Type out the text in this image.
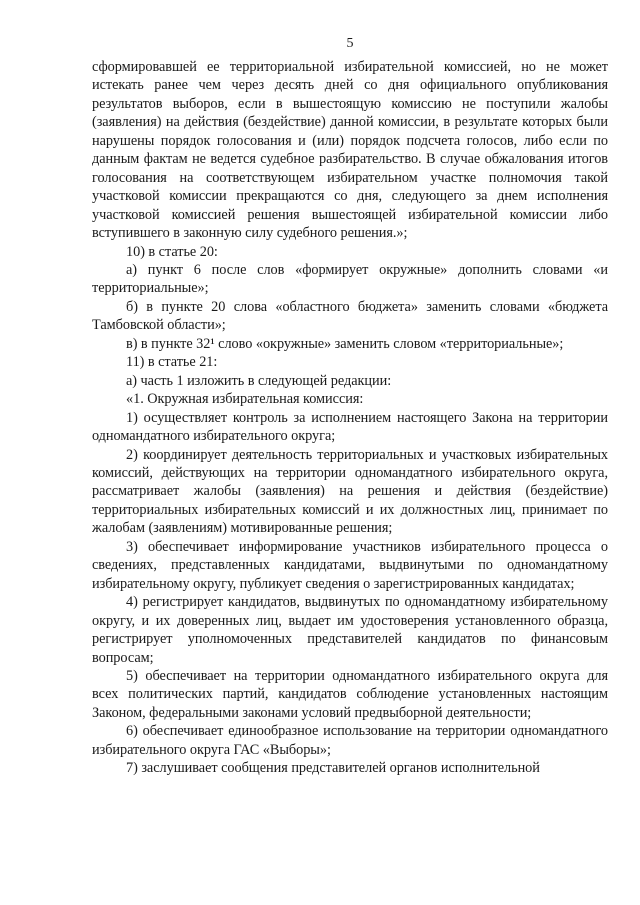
5

сформировавшей ее территориальной избирательной комиссией, но не может истекать ранее чем через десять дней со дня официального опубликования результатов выборов, если в вышестоящую комиссию не поступили жалобы (заявления) на действия (бездействие) данной комиссии, в результате которых были нарушены порядок голосования и (или) порядок подсчета голосов, либо если по данным фактам не ведется судебное разбирательство. В случае обжалования итогов голосования на соответствующем избирательном участке полномочия такой участковой комиссии прекращаются со дня, следующего за днем исполнения участковой комиссией решения вышестоящей избирательной комиссии либо вступившего в законную силу судебного решения.»;

10) в статье 20:

а) пункт 6 после слов «формирует окружные» дополнить словами «и территориальные»;

б) в пункте 20 слова «областного бюджета» заменить словами «бюджета Тамбовской области»;

в) в пункте 32¹ слово «окружные» заменить словом «территориальные»;

11) в статье 21:

а) часть 1 изложить в следующей редакции:

«1. Окружная избирательная комиссия:

1) осуществляет контроль за исполнением настоящего Закона на территории одномандатного избирательного округа;

2) координирует деятельность территориальных и участковых избирательных комиссий, действующих на территории одномандатного избирательного округа, рассматривает жалобы (заявления) на решения и действия (бездействие) территориальных избирательных комиссий и их должностных лиц, принимает по жалобам (заявлениям) мотивированные решения;

3) обеспечивает информирование участников избирательного процесса о сведениях, представленных кандидатами, выдвинутыми по одномандатному избирательному округу, публикует сведения о зарегистрированных кандидатах;

4) регистрирует кандидатов, выдвинутых по одномандатному избирательному округу, и их доверенных лиц, выдает им удостоверения установленного образца, регистрирует уполномоченных представителей кандидатов по финансовым вопросам;

5) обеспечивает на территории одномандатного избирательного округа для всех политических партий, кандидатов соблюдение установленных настоящим Законом, федеральными законами условий предвыборной деятельности;

6) обеспечивает единообразное использование на территории одномандатного избирательного округа ГАС «Выборы»;

7) заслушивает сообщения представителей органов исполнительной
